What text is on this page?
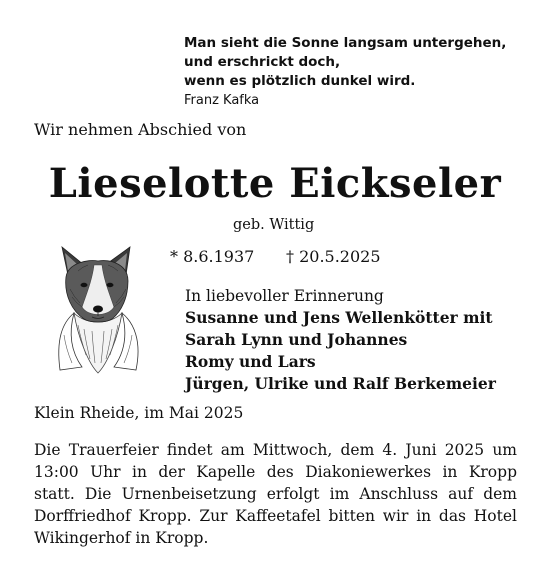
Man sieht die Sonne langsam untergehen,
und erschrickt doch,
wenn es plötzlich dunkel wird.
Franz Kafka
Wir nehmen Abschied von
Lieselotte Eickseler
geb. Wittig
* 8.6.1937 † 20.5.2025
In liebevoller Erinnerung
Susanne und Jens Wellenkötter mit
Sarah Lynn und Johannes
Romy und Lars
Jürgen, Ulrike und Ralf Berkemeier
Klein Rheide, im Mai 2025
Die Trauerfeier findet am Mittwoch, dem 4. Juni 2025 um
13:00 Uhr in der Kapelle des Diakoniewerkes in Kropp
statt. Die Urnenbeisetzung erfolgt im Anschluss auf dem
Dorffriedhof Kropp. Zur Kaffeetafel bitten wir in das Hotel
Wikingerhof in Kropp.
